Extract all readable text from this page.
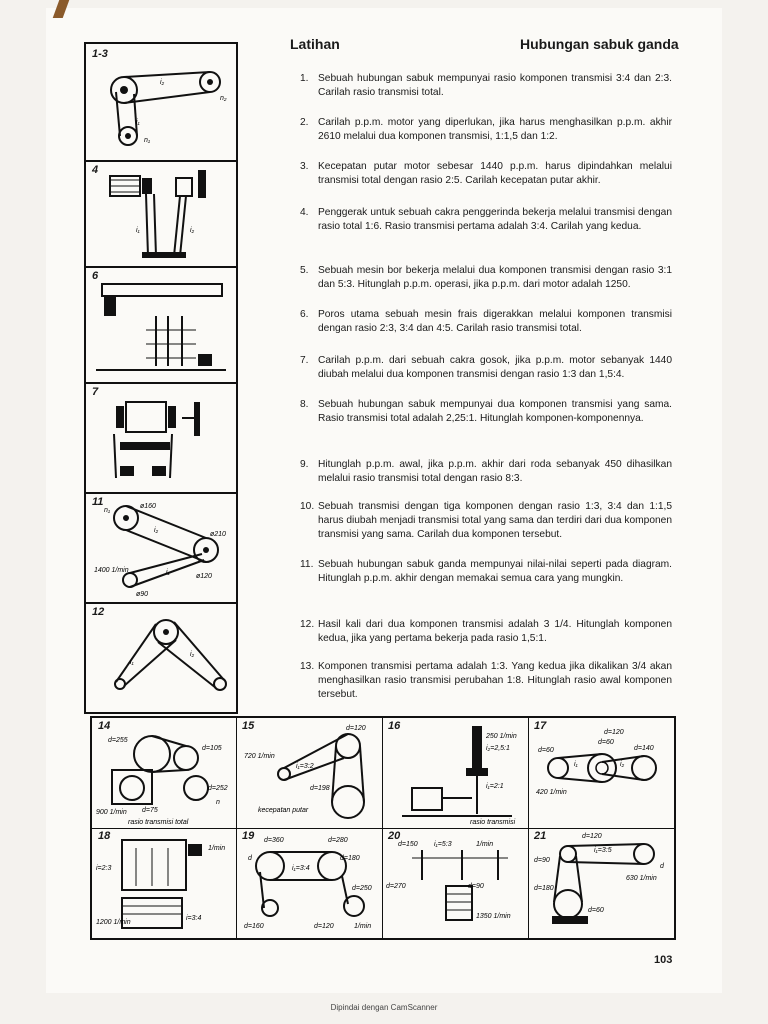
Latihan	Hubungan sabuk ganda
1-3
i₂
i₁
n₂
n₁
4
i₁	i₂
6
7
11	ø160
n₁
i₂
ø210
i₁
1400 1/min
ø120
ø90
12
i₁
i₂
1. Sebuah hubungan sabuk mempunyai rasio komponen transmisi 3:4 dan 2:3. Carilah rasio transmisi total.
2. Carilah p.p.m. motor yang diperlukan, jika harus menghasilkan p.p.m. akhir 2610 melalui dua komponen transmisi, 1:1,5 dan 1:2.
3. Kecepatan putar motor sebesar 1440 p.p.m. harus dipindahkan melalui transmisi total dengan rasio 2:5. Carilah kecepatan putar akhir.
4. Penggerak untuk sebuah cakra penggerinda bekerja melalui transmisi dengan rasio total 1:6. Rasio transmisi pertama adalah 3:4. Carilah yang kedua.
5. Sebuah mesin bor bekerja melalui dua komponen transmisi dengan rasio 3:1 dan 5:3. Hitunglah p.p.m. operasi, jika p.p.m. dari motor adalah 1250.
6. Poros utama sebuah mesin frais digerakkan melalui komponen transmisi dengan rasio 2:3, 3:4 dan 4:5. Carilah rasio transmisi total.
7. Carilah p.p.m. dari sebuah cakra gosok, jika p.p.m. motor sebanyak 1440 diubah melalui dua komponen transmisi dengan rasio 1:3 dan 1,5:4.
8. Sebuah hubungan sabuk mempunyai dua komponen transmisi yang sama. Rasio transmisi total adalah 2,25:1. Hitunglah komponen-komponennya.
9. Hitunglah p.p.m. awal, jika p.p.m. akhir dari roda sebanyak 450 dihasilkan melalui rasio transmisi total dengan rasio 8:3.
10. Sebuah transmisi dengan tiga komponen dengan rasio 1:3, 3:4 dan 1:1,5 harus diubah menjadi transmisi total yang sama dan terdiri dari dua komponen transmisi yang sama. Carilah dua komponen tersebut.
11. Sebuah hubungan sabuk ganda mempunyai nilai-nilai seperti pada diagram. Hitunglah p.p.m. akhir dengan memakai semua cara yang mungkin.
12. Hasil kali dari dua komponen transmisi adalah 3 1/4. Hitunglah komponen kedua, jika yang pertama bekerja pada rasio 1,5:1.
13. Komponen transmisi pertama adalah 1:3. Yang kedua jika dikalikan 3/4 akan menghasilkan rasio transmisi perubahan 1:8. Hitunglah rasio awal komponen tersebut.
14
d=255
d=105
d=252
900 1/min d=75
n
rasio transmisi total
15	d=120
720 1/min
i₁=3:2
d=198
kecepatan putar
16
250 1/min
i₂=2,5:1
i₁=2:1
rasio transmisi
17
d=120
d=60
d=60	d=140
420 1/min
i₁	i₂
18
1/min
i=2:3
1200 1/min
i=3:4
19 d=360	d=280
d=180
i₁=3:4
d=250
d=160	d=120	1/min
d
20
d=150 i₁=5:3	1/min
d=270	d=90
1350 1/min
21	d=120
i₁=3:5
d=90
630 1/min
d=180
d=60
d
103
Dipindai dengan CamScanner
